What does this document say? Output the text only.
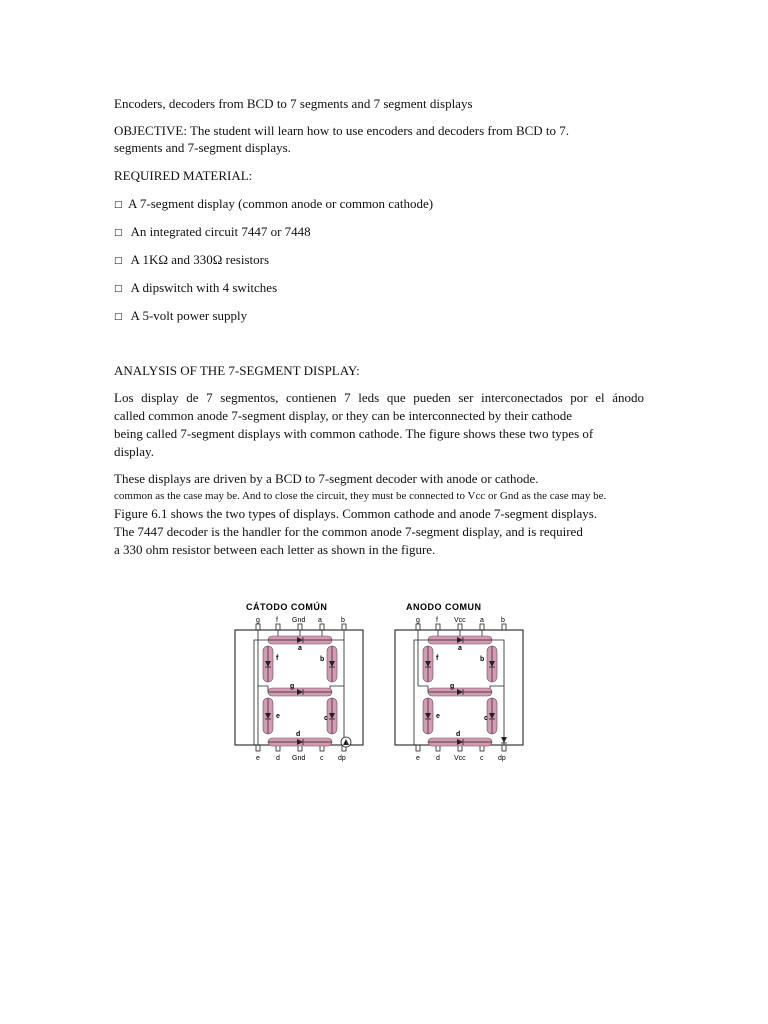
Encoders, decoders from BCD to 7 segments and 7 segment displays
OBJECTIVE: The student will learn how to use encoders and decoders from BCD to 7.
segments and 7-segment displays.
REQUIRED MATERIAL:
□ A 7-segment display (common anode or common cathode)
□ An integrated circuit 7447 or 7448
□ A 1KΩ and 330Ω resistors
□ A dipswitch with 4 switches
□ A 5-volt power supply
ANALYSIS OF THE 7-SEGMENT DISPLAY:
Los display de 7 segmentos, contienen 7 leds que pueden ser interconectados por el ánodo
called common anode 7-segment display, or they can be interconnected by their cathode
being called 7-segment displays with common cathode. The figure shows these two types of
display.
These displays are driven by a BCD to 7-segment decoder with anode or cathode.
common as the case may be. And to close the circuit, they must be connected to Vcc or Gnd as the case may be.
Figure 6.1 shows the two types of displays. Common cathode and anode 7-segment displays.
The 7447 decoder is the handler for the common anode 7-segment display, and is required
a 330 ohm resistor between each letter as shown in the figure.
CÁTODO COMÚN
g f Gnd a	b
a
b
c
d
e
f
g
e d Gnd c dp
ANODO COMUN
g f Vcc a b
a
b
c
d
e
f
g
e d Vcc c dp
